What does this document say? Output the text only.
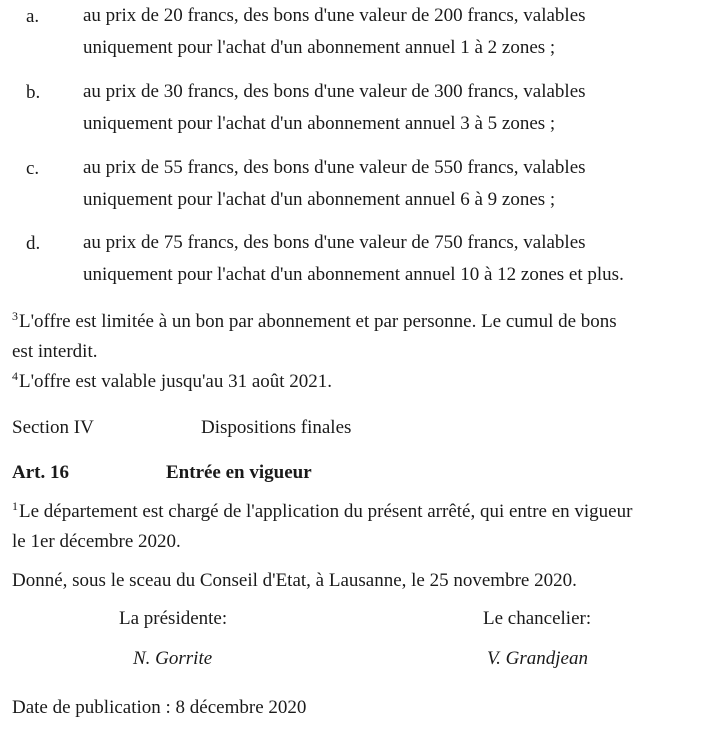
a. au prix de 20 francs, des bons d'une valeur de 200 francs, valables
uniquement pour l'achat d'un abonnement annuel 1 à 2 zones ;
b. au prix de 30 francs, des bons d'une valeur de 300 francs, valables
uniquement pour l'achat d'un abonnement annuel 3 à 5 zones ;
c. au prix de 55 francs, des bons d'une valeur de 550 francs, valables
uniquement pour l'achat d'un abonnement annuel 6 à 9 zones ;
d. au prix de 75 francs, des bons d'une valeur de 750 francs, valables
uniquement pour l'achat d'un abonnement annuel 10 à 12 zones et plus.
$^3$L'offre est limitée à un bon par abonnement et par personne. Le cumul de bons
est interdit.
$^4$L'offre est valable jusqu'au 31 août 2021.
Section IV	Dispositions finales
Art. 16	Entrée en vigueur
$^1$Le département est chargé de l'application du présent arrêté, qui entre en vigueur
le 1er décembre 2020.
Donné, sous le sceau du Conseil d'Etat, à Lausanne, le 25 novembre 2020.
La présidente:
N. Gorrite
Le chancelier:
V. Grandjean
Date de publication : 8 décembre 2020
